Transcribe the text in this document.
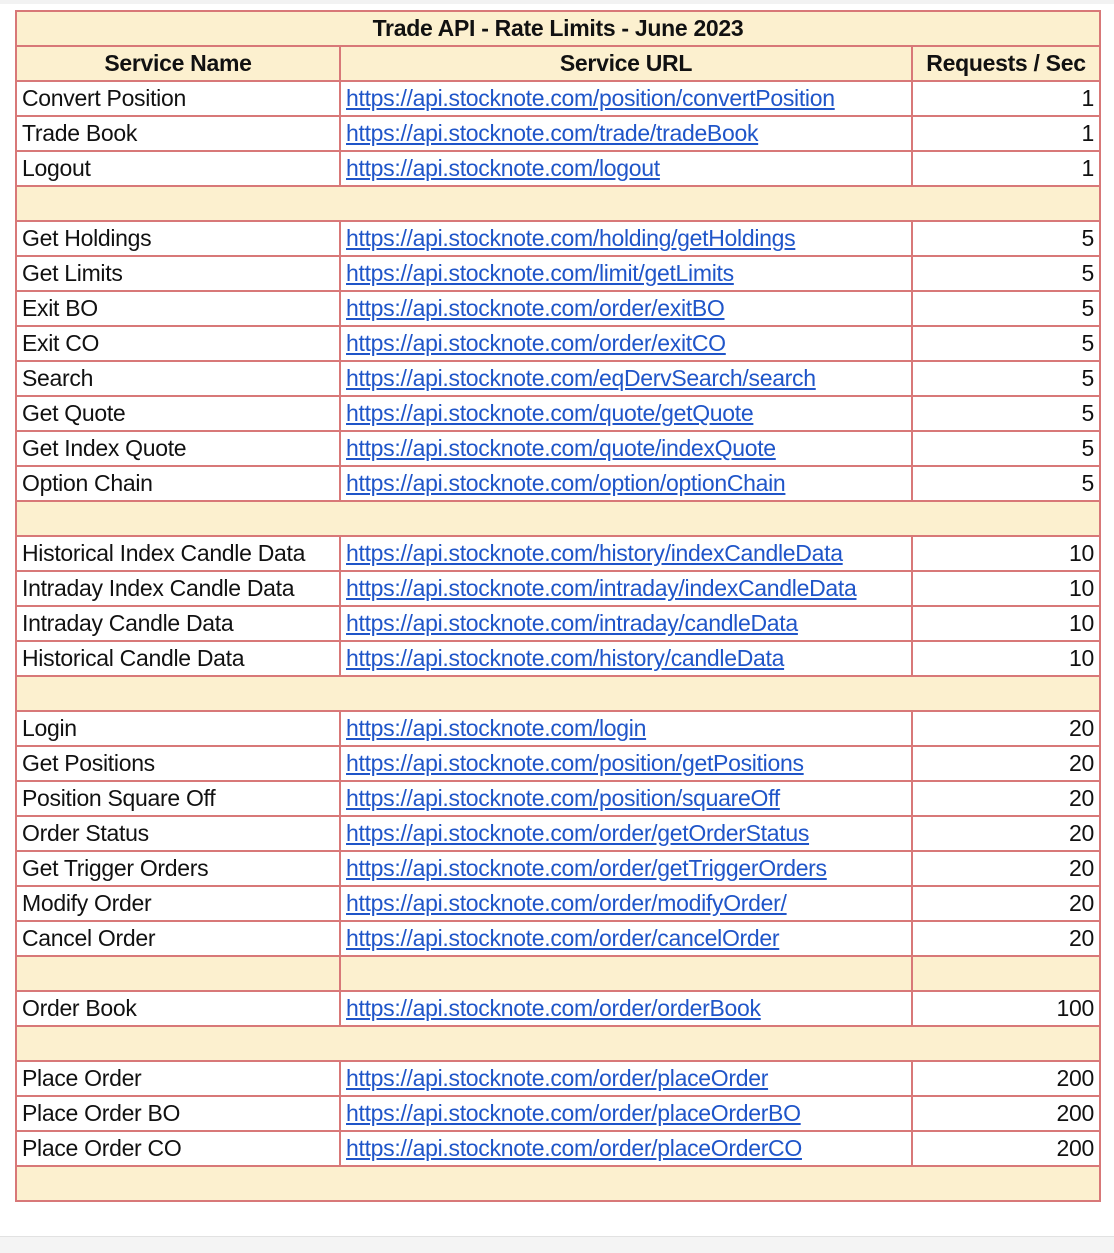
Trade API - Rate Limits - June 2023		
Service Name	Service URL	Requests / Sec
Convert Position	https://api.stocknote.com/position/convertPosition	1
Trade Book	https://api.stocknote.com/trade/tradeBook	1
Logout	https://api.stocknote.com/logout	1

Get Holdings	https://api.stocknote.com/holding/getHoldings	5
Get Limits	https://api.stocknote.com/limit/getLimits	5
Exit BO	https://api.stocknote.com/order/exitBO	5
Exit CO	https://api.stocknote.com/order/exitCO	5
Search	https://api.stocknote.com/eqDervSearch/search	5
Get Quote	https://api.stocknote.com/quote/getQuote	5
Get Index Quote	https://api.stocknote.com/quote/indexQuote	5
Option Chain	https://api.stocknote.com/option/optionChain	5

Historical Index Candle Data	https://api.stocknote.com/history/indexCandleData	10
Intraday Index Candle Data	https://api.stocknote.com/intraday/indexCandleData	10
Intraday Candle Data	https://api.stocknote.com/intraday/candleData	10
Historical Candle Data	https://api.stocknote.com/history/candleData	10

Login	https://api.stocknote.com/login	20
Get Positions	https://api.stocknote.com/position/getPositions	20
Position Square Off	https://api.stocknote.com/position/squareOff	20
Order Status	https://api.stocknote.com/order/getOrderStatus	20
Get Trigger Orders	https://api.stocknote.com/order/getTriggerOrders	20
Modify Order	https://api.stocknote.com/order/modifyOrder/	20
Cancel Order	https://api.stocknote.com/order/cancelOrder	20

Order Book	https://api.stocknote.com/order/orderBook	100

Place Order	https://api.stocknote.com/order/placeOrder	200
Place Order BO	https://api.stocknote.com/order/placeOrderBO	200
Place Order CO	https://api.stocknote.com/order/placeOrderCO	200
